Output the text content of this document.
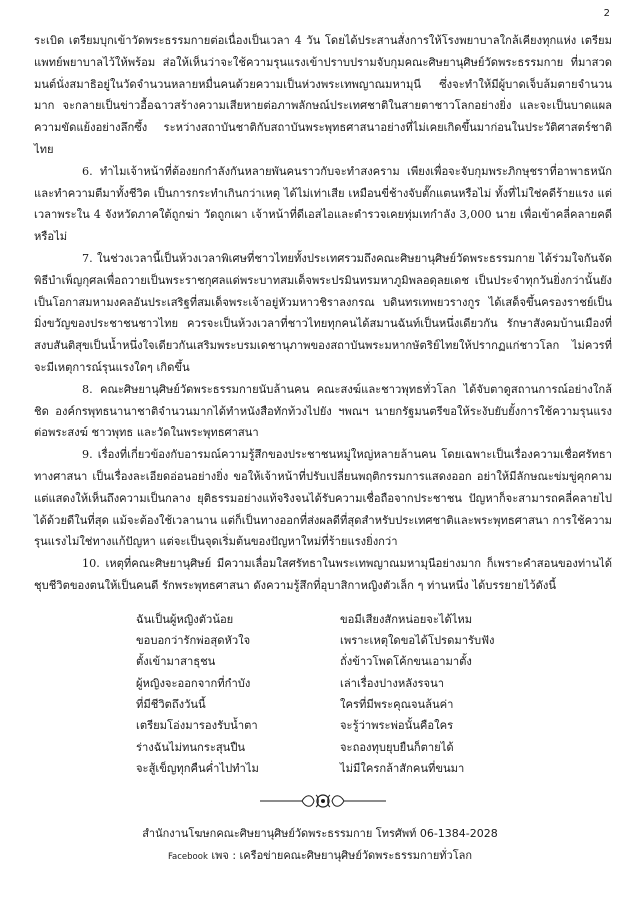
2

ระเบิด เตรียมบุกเข้าวัดพระธรรมกายต่อเนื่องเป็นเวลา 4 วัน โดยได้ประสานสั่งการให้โรงพยาบาลใกล้เคียงทุกแห่ง เตรียมแพทย์พยาบาลไว้ให้พร้อม ส่อให้เห็นว่าจะใช้ความรุนแรงเข้าปราบปรามจับกุมคณะศิษยานุศิษย์วัดพระธรรมกาย ที่มาสวดมนต์นั่งสมาธิอยู่ในวัดจำนวนหลายหมื่นคนด้วยความเป็นห่วงพระเทพญาณมหามุนี ซึ่งจะทำให้มีผู้บาดเจ็บล้มตายจำนวนมาก จะกลายเป็นข่าวอื้อฉาวสร้างความเสียหายต่อภาพลักษณ์ประเทศชาติในสายตาชาวโลกอย่างยิ่ง และจะเป็นบาดแผลความขัดแย้งอย่างลึกซึ้ง ระหว่างสถาบันชาติกับสถาบันพระพุทธศาสนาอย่างที่ไม่เคยเกิดขึ้นมาก่อนในประวัติศาสตร์ชาติไทย

6. ทำไมเจ้าหน้าที่ต้องยกกำลังกันหลายพันคนราวกับจะทำสงคราม เพียงเพื่อจะจับกุมพระภิกษุชราที่อาพาธหนัก และทำความตีมาทั้งชีวิต เป็นการกระทำเกินกว่าเหตุ ได้ไม่เท่าเสีย เหมือนขี่ช้างจับตั๊กแตนหรือไม่ ทั้งที่ไม่ใช่คดีร้ายแรง แต่เวลาพระใน 4 จังหวัดภาคใต้ถูกฆ่า วัดถูกเผา เจ้าหน้าที่ดีเอสไอและตำรวจเคยทุ่มเทกำลัง 3,000 นาย เพื่อเข้าคลี่คลายคดีหรือไม่

7. ในช่วงเวลานี้เป็นห้วงเวลาพิเศษที่ชาวไทยทั้งประเทศรวมถึงคณะศิษยานุศิษย์วัดพระธรรมกาย ได้ร่วมใจกันจัดพิธีบำเพ็ญกุศลเพื่อถวายเป็นพระราชกุศลแด่พระบาทสมเด็จพระปรมินทรมหาภูมิพลอดุลยเดช เป็นประจำทุกวันยิ่งกว่านั้นยังเป็นโอกาสมหามงคลอันประเสริฐที่สมเด็จพระเจ้าอยู่หัวมหาวชิราลงกรณ บดินทรเทพยวรางกูร ได้เสด็จขึ้นครองราชย์เป็นมิ่งขวัญของประชาชนชาวไทย ควรจะเป็นห้วงเวลาที่ชาวไทยทุกคนได้สมานฉันท์เป็นหนึ่งเดียวกัน รักษาสังคมบ้านเมืองที่สงบสันติสุขเป็นน้ำหนึ่งใจเดียวกันเสริมพระบรมเดชานุภาพของสถาบันพระมหากษัตริย์ไทยให้ปรากฏแก่ชาวโลก ไม่ควรที่จะมีเหตุการณ์รุนแรงใดๆ เกิดขึ้น

8. คณะศิษยานุศิษย์วัดพระธรรมกายนับล้านคน คณะสงฆ์และชาวพุทธทั่วโลก ได้จับตาดูสถานการณ์อย่างใกล้ชิด องค์กรพุทธนานาชาติจำนวนมากได้ทำหนังสือทักท้วงไปยัง ฯพณฯ นายกรัฐมนตรีขอให้ระงับยับยั้งการใช้ความรุนแรงต่อพระสงฆ์ ชาวพุทธ และวัดในพระพุทธศาสนา

9. เรื่องที่เกี่ยวข้องกับอารมณ์ความรู้สึกของประชาชนหมู่ใหญ่หลายล้านคน โดยเฉพาะเป็นเรื่องความเชื่อศรัทธาทางศาสนา เป็นเรื่องละเอียดอ่อนอย่างยิ่ง ขอให้เจ้าหน้าที่ปรับเปลี่ยนพฤติกรรมการแสดงออก อย่าให้มีลักษณะข่มขู่คุกคาม แต่แสดงให้เห็นถึงความเป็นกลาง ยุติธรรมอย่างแท้จริงจนได้รับความเชื่อถือจากประชาชน ปัญหาก็จะสามารถคลี่คลายไปได้ด้วยดีในที่สุด แม้จะต้องใช้เวลานาน แต่ก็เป็นทางออกที่ส่งผลดีที่สุดสำหรับประเทศชาติและพระพุทธศาสนา การใช้ความรุนแรงไม่ใช่ทางแก้ปัญหา แต่จะเป็นจุดเริ่มต้นของปัญหาใหม่ที่ร้ายแรงยิ่งกว่า

10. เหตุที่คณะศิษยานุศิษย์ มีความเลื่อมใสศรัทธาในพระเทพญาณมหามุนีอย่างมาก ก็เพราะคำสอนของท่านได้ชุบชีวิตของตนให้เป็นคนดี รักพระพุทธศาสนา ดังความรู้สึกที่อุบาสิกาหญิงตัวเล็ก ๆ ท่านหนึ่ง ได้บรรยายไว้ดังนี้

ฉันเป็นผู้หญิงตัวน้อย
ขอบอกว่ารักพ่อสุดหัวใจ
ตั้งเข้ามาสาธุชน
ผู้หญิงจะออกจากที่กำบัง
ที่มีชีวิตถึงวันนี้
เตรียมโอ่งมารองรับน้ำตา
ร่างฉันไม่ทนกระสุนปืน
จะสู้เข็ญทุกคืนค่ำไปทำไม
ขอมีเสียงสักหน่อยจะได้ไหม
เพราะเหตุใดขอได้โปรดมารับฟัง
ถั่งข้าวโพดโค้กขนเอามาตั้ง
เล่าเรื่องปางหลังรจนา
ใครที่มีพระคุณจนล้นค่า
จะรู้ว่าพระพ่อนั้นคือใคร
จะถองทุบยุบยืนก็ตายได้
ไม่มีใครกล้าสักคนที่ขนมา
สำนักงานโฆษกคณะศิษยานุศิษย์วัดพระธรรมกาย โทรศัพท์ 06-1384-2028
Facebook เพจ : เครือข่ายคณะศิษยานุศิษย์วัดพระธรรมกายทั่วโลก
